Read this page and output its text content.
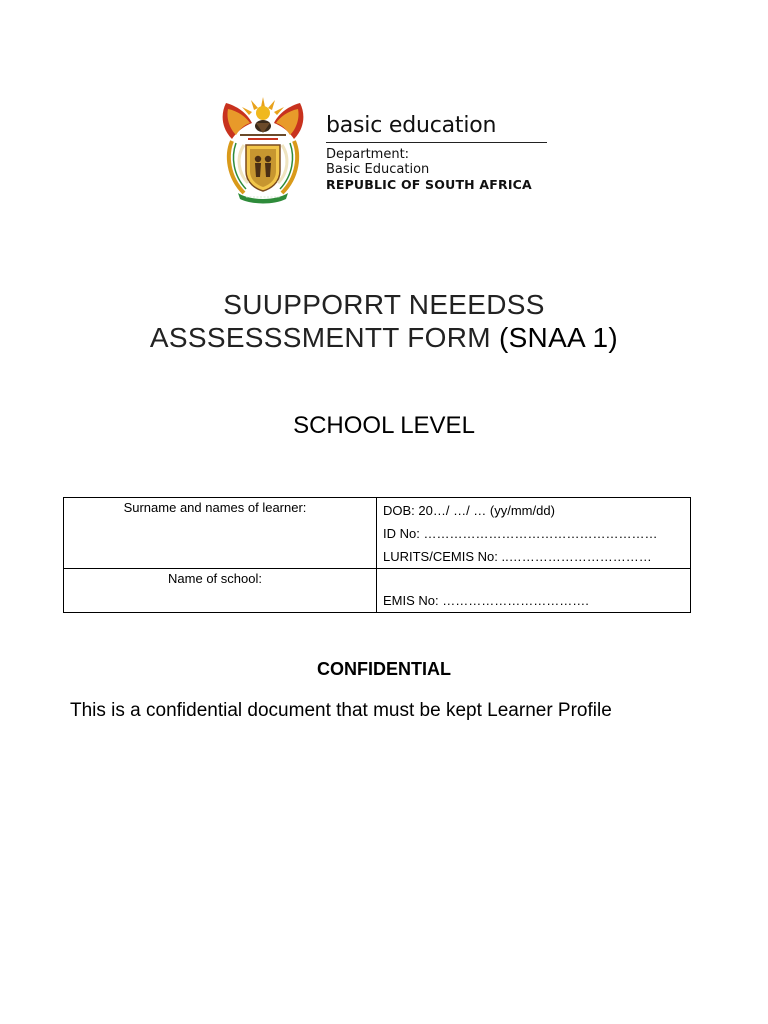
basic education
Department:
Basic Education
REPUBLIC OF SOUTH AFRICA
SUUPPORRT NEEEDSS
ASSSESSSMENTT FORM (SNAA 1)
SCHOOL LEVEL
Surname and names of learner:	DOB: 20…/ …/ … (yy/mm/dd)
ID No: ………………………………………………
LURITS/CEMIS No: ..……………………………

Name of school:	EMIS No: …………………………….
CONFIDENTIAL
This is a confidential document that must be kept Learner Profile
